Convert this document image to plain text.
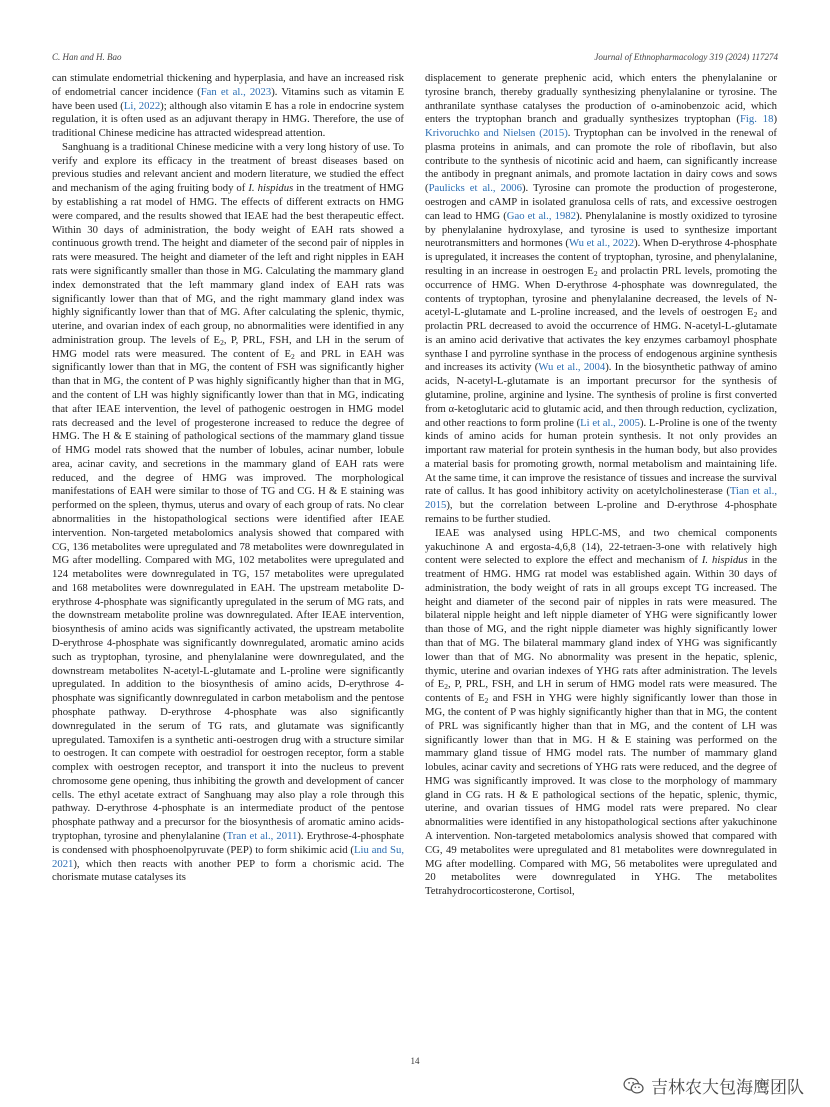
C. Han and H. Bao	Journal of Ethnopharmacology 319 (2024) 117274

can stimulate endometrial thickening and hyperplasia, and have an increased risk of endometrial cancer incidence (Fan et al., 2023). Vitamins such as vitamin E have been used (Li, 2022); although also vitamin E has a role in endocrine system regulation, it is often used as an adjuvant therapy in HMG. Therefore, the use of traditional Chinese medicine has attracted widespread attention.

Sanghuang is a traditional Chinese medicine with a very long history of use. To verify and explore its efficacy in the treatment of breast diseases based on previous studies and relevant ancient and modern literature, we studied the effect and mechanism of the aging fruiting body of I. hispidus in the treatment of HMG by establishing a rat model of HMG. The effects of different extracts on HMG were compared, and the results showed that IEAE had the best therapeutic effect. Within 30 days of administration, the body weight of EAH rats showed a continuous growth trend. The height and diameter of the second pair of nipples in rats were measured. The height and diameter of the left and right nipples in EAH rats were significantly smaller than those in MG. Calculating the mammary gland index demonstrated that the left mammary gland index of EAH rats was significantly lower than that of MG, and the right mammary gland index was highly significantly lower than that of MG. After calculating the splenic, thymic, uterine, and ovarian index of each group, no abnormalities were identified in any administration group. The levels of $E_2$, P, PRL, FSH, and LH in the serum of HMG model rats were measured. The content of $E_2$ and PRL in EAH was significantly lower than that in MG, the content of FSH was significantly higher than that in MG, the content of P was highly significantly higher than that in MG, and the content of LH was highly significantly lower than that in MG, indicating that after IEAE intervention, the level of pathogenic oestrogen in HMG model rats decreased and the level of progesterone increased to reduce the degree of HMG. The H & E staining of pathological sections of the mammary gland tissue of HMG model rats showed that the number of lobules, acinar number, lobule area, acinar cavity, and secretions in the mammary gland of EAH rats were reduced, and the degree of HMG was improved. The morphological manifestations of EAH were similar to those of TG and CG. H & E staining was performed on the spleen, thymus, uterus and ovary of each group of rats. No clear abnormalities in the histopathological sections were identified after IEAE intervention. Non-targeted metabolomics analysis showed that compared with CG, 136 metabolites were upregulated and 78 metabolites were downregulated in MG after modelling. Compared with MG, 102 metabolites were upregulated and 124 metabolites were downregulated in TG, 157 metabolites were upregulated and 168 metabolites were downregulated in EAH. The upstream metabolite D-erythrose 4-phosphate was significantly upregulated in the serum of MG rats, and the downstream metabolite proline was downregulated. After IEAE intervention, biosynthesis of amino acids was significantly activated, the upstream metabolite D-erythrose 4-phosphate was significantly downregulated, aromatic amino acids such as tryptophan, tyrosine, and phenylalanine were downregulated, and the downstream metabolites N-acetyl-L-glutamate and L-proline were significantly upregulated. In addition to the biosynthesis of amino acids, D-erythrose 4-phosphate was significantly downregulated in carbon metabolism and the pentose phosphate pathway. D-erythrose 4-phosphate was also significantly downregulated in the serum of TG rats, and glutamate was significantly upregulated. Tamoxifen is a synthetic anti-oestrogen drug with a structure similar to oestrogen. It can compete with oestradiol for oestrogen receptor, form a stable complex with oestrogen receptor, and transport it into the nucleus to prevent chromosome gene opening, thus inhibiting the growth and development of cancer cells. The ethyl acetate extract of Sanghuang may also play a role through this pathway. D-erythrose 4-phosphate is an intermediate product of the pentose phosphate pathway and a precursor for the biosynthesis of aromatic amino acids-tryptophan, tyrosine and phenylalanine (Tran et al., 2011). Erythrose-4-phosphate is condensed with phosphoenolpyruvate (PEP) to form shikimic acid (Liu and Su, 2021), which then reacts with another PEP to form a chorismic acid. The chorismate mutase catalyses its

displacement to generate prephenic acid, which enters the phenylalanine or tyrosine branch, thereby gradually synthesizing phenylalanine or tyrosine. The anthranilate synthase catalyses the production of o-aminobenzoic acid, which enters the tryptophan branch and gradually synthesizes tryptophan (Fig. 18) Krivoruchko and Nielsen (2015). Tryptophan can be involved in the renewal of plasma proteins in animals, and can promote the role of riboflavin, but also contribute to the synthesis of nicotinic acid and haem, can significantly increase the antibody in pregnant animals, and promote lactation in dairy cows and sows (Paulicks et al., 2006). Tyrosine can promote the production of progesterone, oestrogen and cAMP in isolated granulosa cells of rats, and excessive oestrogen can lead to HMG (Gao et al., 1982). Phenylalanine is mostly oxidized to tyrosine by phenylalanine hydroxylase, and tyrosine is used to synthesize important neurotransmitters and hormones (Wu et al., 2022). When D-erythrose 4-phosphate is upregulated, it increases the content of tryptophan, tyrosine, and phenylalanine, resulting in an increase in oestrogen $E_2$ and prolactin PRL levels, promoting the occurrence of HMG. When D-erythrose 4-phosphate was downregulated, the contents of tryptophan, tyrosine and phenylalanine decreased, the levels of N-acetyl-L-glutamate and L-proline increased, and the levels of oestrogen $E_2$ and prolactin PRL decreased to avoid the occurrence of HMG. N-acetyl-L-glutamate is an amino acid derivative that activates the key enzymes carbamoyl phosphate synthase I and pyrroline synthase in the process of endogenous arginine synthesis and increases its activity (Wu et al., 2004). In the biosynthetic pathway of amino acids, N-acetyl-L-glutamate is an important precursor for the synthesis of glutamine, proline, arginine and lysine. The synthesis of proline is first converted from α-ketoglutaric acid to glutamic acid, and then through reduction, cyclization, and other reactions to form proline (Li et al., 2005). L-Proline is one of the twenty kinds of amino acids for human protein synthesis. It not only provides an important raw material for protein synthesis in the human body, but also provides a material basis for promoting growth, normal metabolism and maintaining life. At the same time, it can improve the resistance of tissues and increase the survival rate of callus. It has good inhibitory activity on acetylcholinesterase (Tian et al., 2015), but the correlation between L-proline and D-erythrose 4-phosphate remains to be further studied.

IEAE was analysed using HPLC-MS, and two chemical components yakuchinone A and ergosta-4,6,8 (14), 22-tetraen-3-one with relatively high content were selected to explore the effect and mechanism of I. hispidus in the treatment of HMG. HMG rat model was established again. Within 30 days of administration, the body weight of rats in all groups except TG increased. The height and diameter of the second pair of nipples in rats were measured. The bilateral nipple height and left nipple diameter of YHG were significantly lower than those of MG, and the right nipple diameter was highly significantly lower than that of MG. The bilateral mammary gland index of YHG was significantly lower than that of MG. No abnormality was present in the hepatic, splenic, thymic, uterine and ovarian indexes of YHG rats after administration. The levels of $E_2$, P, PRL, FSH, and LH in serum of HMG model rats were measured. The contents of $E_2$ and FSH in YHG were highly significantly lower than those in MG, the content of P was highly significantly higher than that in MG, the content of PRL was significantly higher than that in MG, and the content of LH was significantly lower than that in MG. H & E staining was performed on the mammary gland tissue of HMG model rats. The number of mammary gland lobules, acinar cavity and secretions of YHG rats were reduced, and the degree of HMG was significantly improved. It was close to the morphology of mammary gland in CG rats. H & E pathological sections of the hepatic, splenic, thymic, uterine, and ovarian tissues of HMG model rats were prepared. No clear abnormalities were identified in any histopathological sections after yakuchinone A intervention. Non-targeted metabolomics analysis showed that compared with CG, 49 metabolites were upregulated and 81 metabolites were downregulated in MG after modelling. Compared with MG, 56 metabolites were upregulated and 20 metabolites were downregulated in YHG. The metabolites Tetrahydrocorticosterone, Cortisol,

14
吉林农大包海鹰团队
